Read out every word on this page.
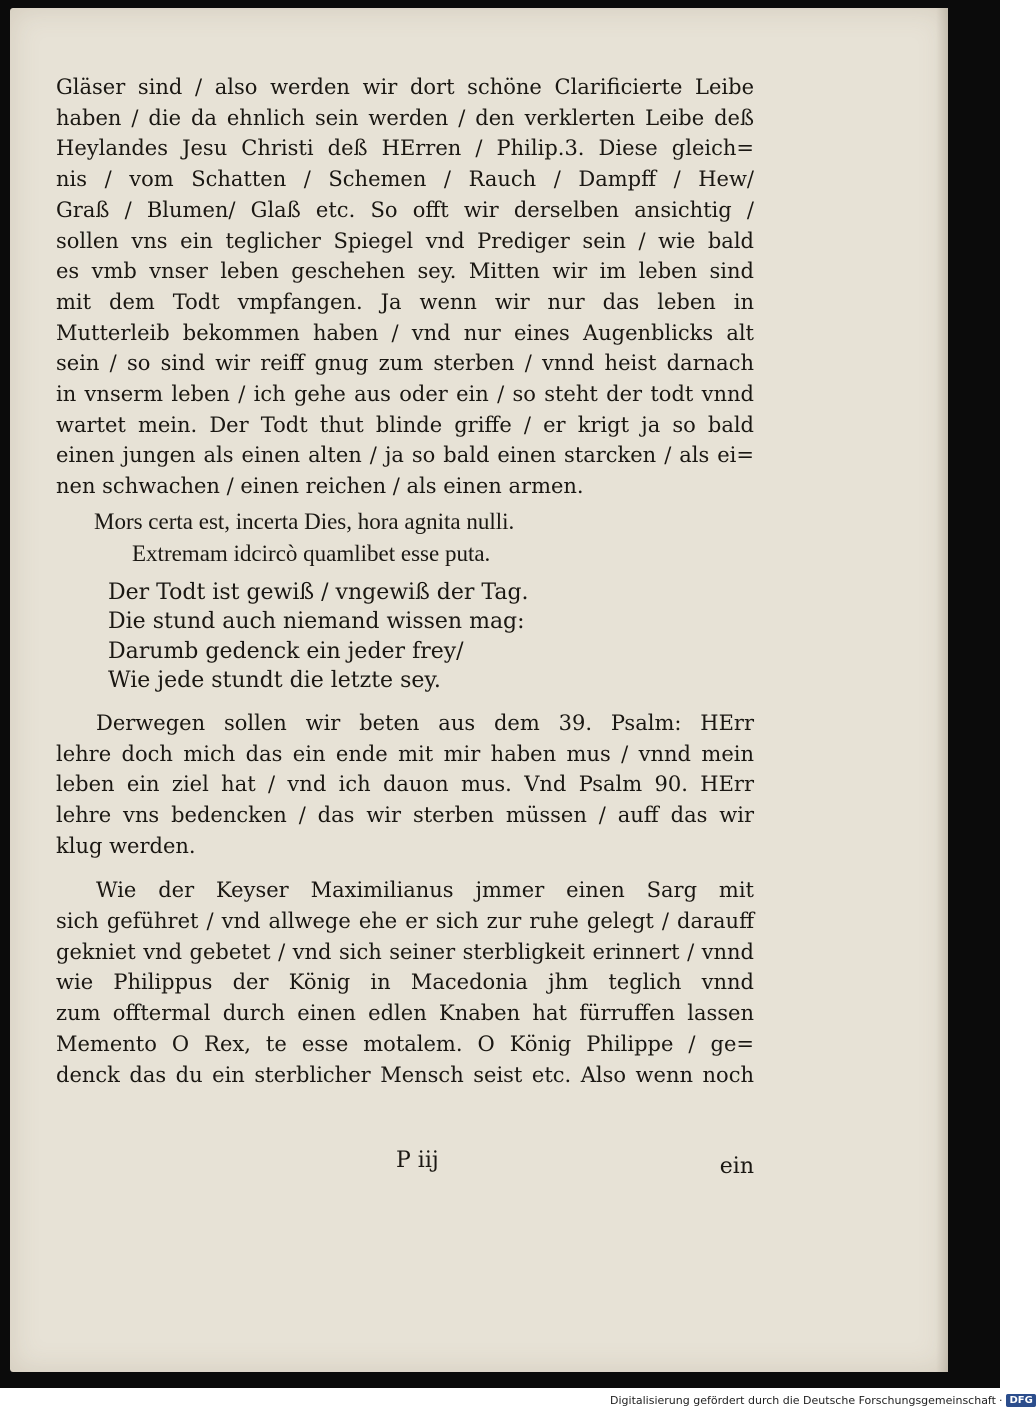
Gläser sind / also werden wir dort schöne Clarificierte Leibe
haben / die da ehnlich sein werden / den verklerten Leibe deß
Heylandes Jesu Christi deß HErren / Philip.3. Diese gleich=
nis / vom Schatten / Schemen / Rauch / Dampff / Hew/
Graß / Blumen/ Glaß etc. So offt wir derselben ansichtig /
sollen vns ein teglicher Spiegel vnd Prediger sein / wie bald
es vmb vnser leben geschehen sey. Mitten wir im leben sind
mit dem Todt vmpfangen. Ja wenn wir nur das leben in
Mutterleib bekommen haben / vnd nur eines Augenblicks alt
sein / so sind wir reiff gnug zum sterben / vnnd heist darnach
in vnserm leben / ich gehe aus oder ein / so steht der todt vnnd
wartet mein. Der Todt thut blinde griffe / er krigt ja so bald
einen jungen als einen alten / ja so bald einen starcken / als ei=
nen schwachen / einen reichen / als einen armen.

Mors certa est, incerta Dies, hora agnita nulli.
Extremam idcircò quamlibet esse puta.
Der Todt ist gewiß / vngewiß der Tag.
Die stund auch niemand wissen mag:
Darumb gedenck ein jeder frey/
Wie jede stundt die letzte sey.

Derwegen sollen wir beten aus dem 39. Psalm: HErr
lehre doch mich das ein ende mit mir haben mus / vnnd mein
leben ein ziel hat / vnd ich dauon mus. Vnd Psalm 90. HErr
lehre vns bedencken / das wir sterben müssen / auff das wir
klug werden.

Wie der Keyser Maximilianus jmmer einen Sarg mit
sich geführet / vnd allwege ehe er sich zur ruhe gelegt / darauff
gekniet vnd gebetet / vnd sich seiner sterbligkeit erinnert / vnnd
wie Philippus der König in Macedonia jhm teglich vnnd
zum offtermal durch einen edlen Knaben hat fürruffen lassen
Memento O Rex, te esse motalem. O König Philippe / ge=
denck das du ein sterblicher Mensch seist etc. Also wenn noch

P iij	ein
Digitalisierung gefördert durch die Deutsche Forschungsgemeinschaft · DFG
